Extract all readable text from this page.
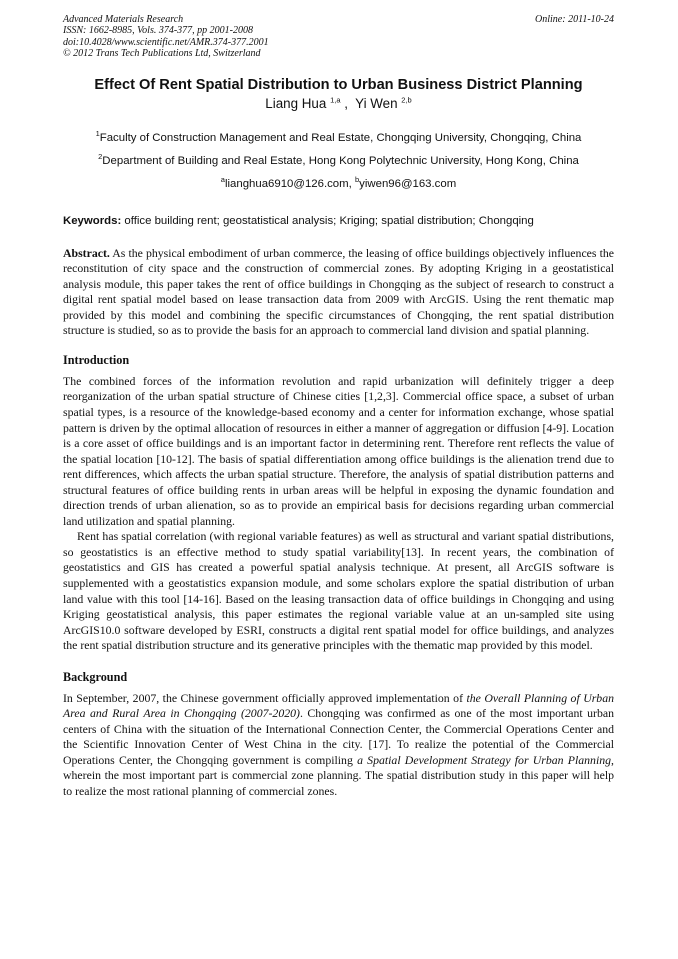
Advanced Materials Research
ISSN: 1662-8985, Vols. 374-377, pp 2001-2008
doi:10.4028/www.scientific.net/AMR.374-377.2001
© 2012 Trans Tech Publications Ltd, Switzerland
Online: 2011-10-24
Effect Of Rent Spatial Distribution to Urban Business District Planning
Liang Hua $^{1,a}$ ,  Yi Wen $^{2,b}$
$^1$Faculty of Construction Management and Real Estate, Chongqing University, Chongqing, China
$^2$Department of Building and Real Estate, Hong Kong Polytechnic University, Hong Kong, China
$^a$lianghua6910@126.com, $^b$yiwen96@163.com
Keywords: office building rent; geostatistical analysis; Kriging; spatial distribution; Chongqing
Abstract. As the physical embodiment of urban commerce, the leasing of office buildings objectively influences the reconstitution of city space and the construction of commercial zones. By adopting Kriging in a geostatistical analysis module, this paper takes the rent of office buildings in Chongqing as the subject of research to construct a digital rent spatial model based on lease transaction data from 2009 with ArcGIS. Using the rent thematic map provided by this model and combining the specific circumstances of Chongqing, the rent spatial distribution structure is studied, so as to provide the basis for an approach to commercial land division and spatial planning.
Introduction

The combined forces of the information revolution and rapid urbanization will definitely trigger a deep reorganization of the urban spatial structure of Chinese cities [1,2,3]. Commercial office space, a subset of urban spatial types, is a resource of the knowledge-based economy and a center for information exchange, whose spatial pattern is driven by the optimal allocation of resources in either a manner of aggregation or diffusion [4-9]. Location is a core asset of office buildings and is an important factor in determining rent. Therefore rent reflects the value of the spatial location [10-12]. The basis of spatial differentiation among office buildings is the alienation trend due to rent differences, which affects the urban spatial structure. Therefore, the analysis of spatial distribution patterns and structural features of office building rents in urban areas will be helpful in exposing the dynamic foundation and direction trends of urban alienation, so as to provide an empirical basis for decisions regarding urban commercial land utilization and spatial planning.

Rent has spatial correlation (with regional variable features) as well as structural and variant spatial distributions, so geostatistics is an effective method to study spatial variability[13]. In recent years, the combination of geostatistics and GIS has created a powerful spatial analysis technique. At present, all ArcGIS software is supplemented with a geostatistics expansion module, and some scholars explore the spatial distribution of urban land value with this tool [14-16]. Based on the leasing transaction data of office buildings in Chongqing and using Kriging geostatistical analysis, this paper estimates the regional variable value at an un-sampled site using ArcGIS10.0 software developed by ESRI, constructs a digital rent spatial model for office buildings, and analyzes the rent spatial distribution structure and its generative principles with the thematic map provided by this model.

Background

In September, 2007, the Chinese government officially approved implementation of the Overall Planning of Urban Area and Rural Area in Chongqing (2007-2020). Chongqing was confirmed as one of the most important urban centers of China with the situation of the International Connection Center, the Commercial Operations Center and the Scientific Innovation Center of West China in the city. [17]. To realize the potential of the Commercial Operations Center, the Chongqing government is compiling a Spatial Development Strategy for Urban Planning, wherein the most important part is commercial zone planning. The spatial distribution study in this paper will help to realize the most rational planning of commercial zones.
